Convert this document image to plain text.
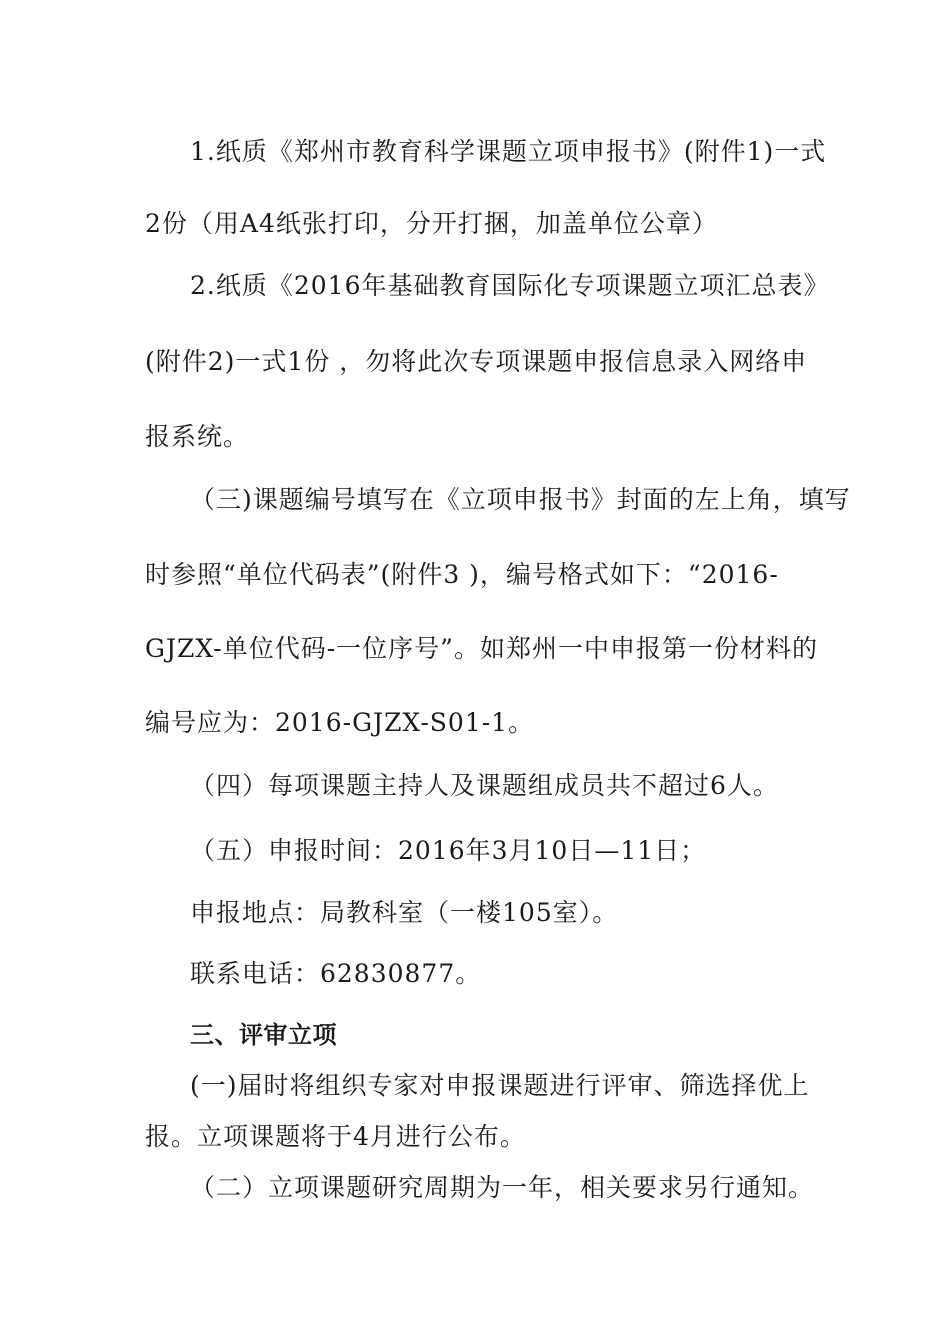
1.纸质《郑州市教育科学课题立项申报书》(附件1)一式
2份（用A4纸张打印，分开打捆，加盖单位公章）
2.纸质《2016年基础教育国际化专项课题立项汇总表》
(附件2)一式1份 ，勿将此次专项课题申报信息录入网络申
报系统。
（三)课题编号填写在《立项申报书》封面的左上角，填写
时参照“单位代码表”(附件3 )，编号格式如下：“2016-
GJZX-单位代码-一位序号”。如郑州一中申报第一份材料的
编号应为：2016-GJZX-S01-1。
（四）每项课题主持人及课题组成员共不超过6人。
（五）申报时间：2016年3月10日—11日；
申报地点：局教科室（一楼105室）。
联系电话：62830877。
三、评审立项
(一)届时将组织专家对申报课题进行评审、筛选择优上
报。立项课题将于4月进行公布。
（二）立项课题研究周期为一年，相关要求另行通知。
